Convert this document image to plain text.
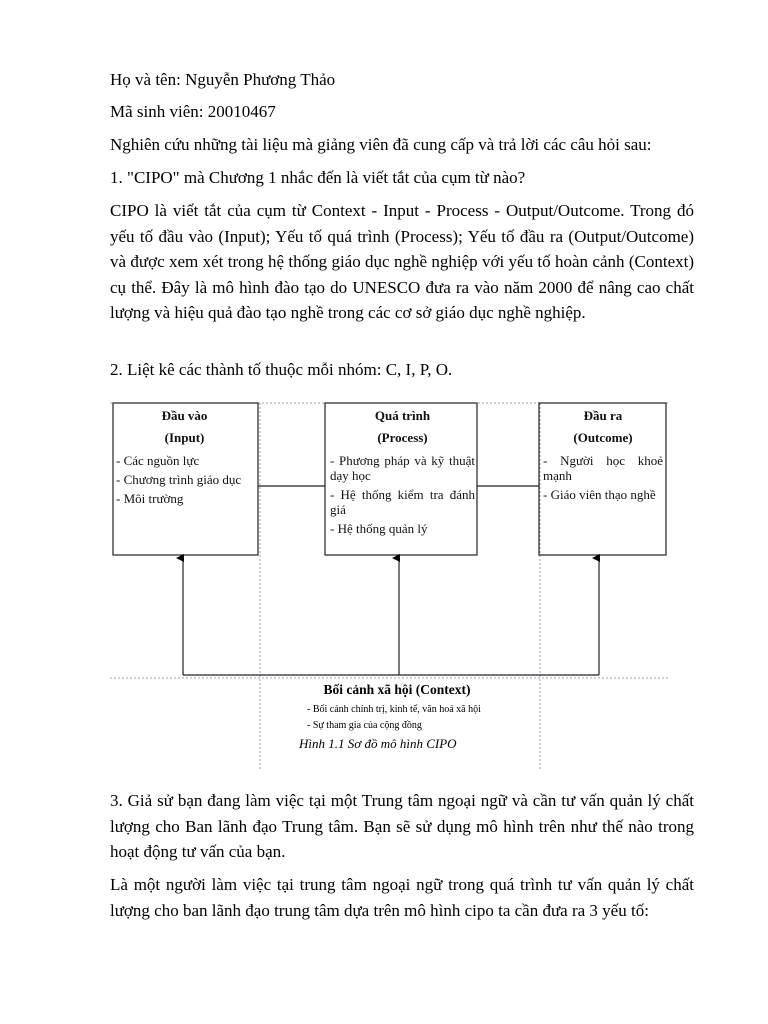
Họ và tên: Nguyễn Phương Thảo
Mã sinh viên: 20010467
Nghiên cứu những tài liệu mà giảng viên đã cung cấp và trả lời các câu hỏi sau:
1. "CIPO" mà Chương 1 nhắc đến là viết tắt của cụm từ nào?
CIPO là viết tắt của cụm từ Context - Input - Process - Output/Outcome. Trong đó yếu tố đầu vào (Input); Yếu tố quá trình (Process); Yếu tố đầu ra (Output/Outcome) và được xem xét trong hệ thống giáo dục nghề nghiệp với yếu tố hoàn cảnh (Context) cụ thể. Đây là mô hình đào tạo do UNESCO đưa ra vào năm 2000 để nâng cao chất lượng và hiệu quả đào tạo nghề trong các cơ sở giáo dục nghề nghiệp.
2. Liệt kê các thành tố thuộc mỗi nhóm: C, I, P, O.
Đầu vào
(Input)
- Các nguồn lực
- Chương trình giáo dục
- Môi trường
Quá trình
(Process)
- Phương pháp và kỹ thuật dạy học
- Hệ thống kiểm tra đánh giá
- Hệ thống quản lý
Đầu ra
(Outcome)
- Người học khoẻ mạnh
- Giáo viên thạo nghề
Bối cảnh xã hội (Context)
- Bối cảnh chính trị, kinh tế, văn hoá xã hội
- Sự tham gia của cộng đồng
Hình 1.1 Sơ đồ mô hình CIPO
3. Giả sử bạn đang làm việc tại một Trung tâm ngoại ngữ và cần tư vấn quản lý chất lượng cho Ban lãnh đạo Trung tâm. Bạn sẽ sử dụng mô hình trên như thế nào trong hoạt động tư vấn của bạn.
Là một người làm việc tại trung tâm ngoại ngữ trong quá trình tư vấn quản lý chất lượng cho ban lãnh đạo trung tâm dựa trên mô hình cipo ta cần đưa ra 3 yếu tố:
